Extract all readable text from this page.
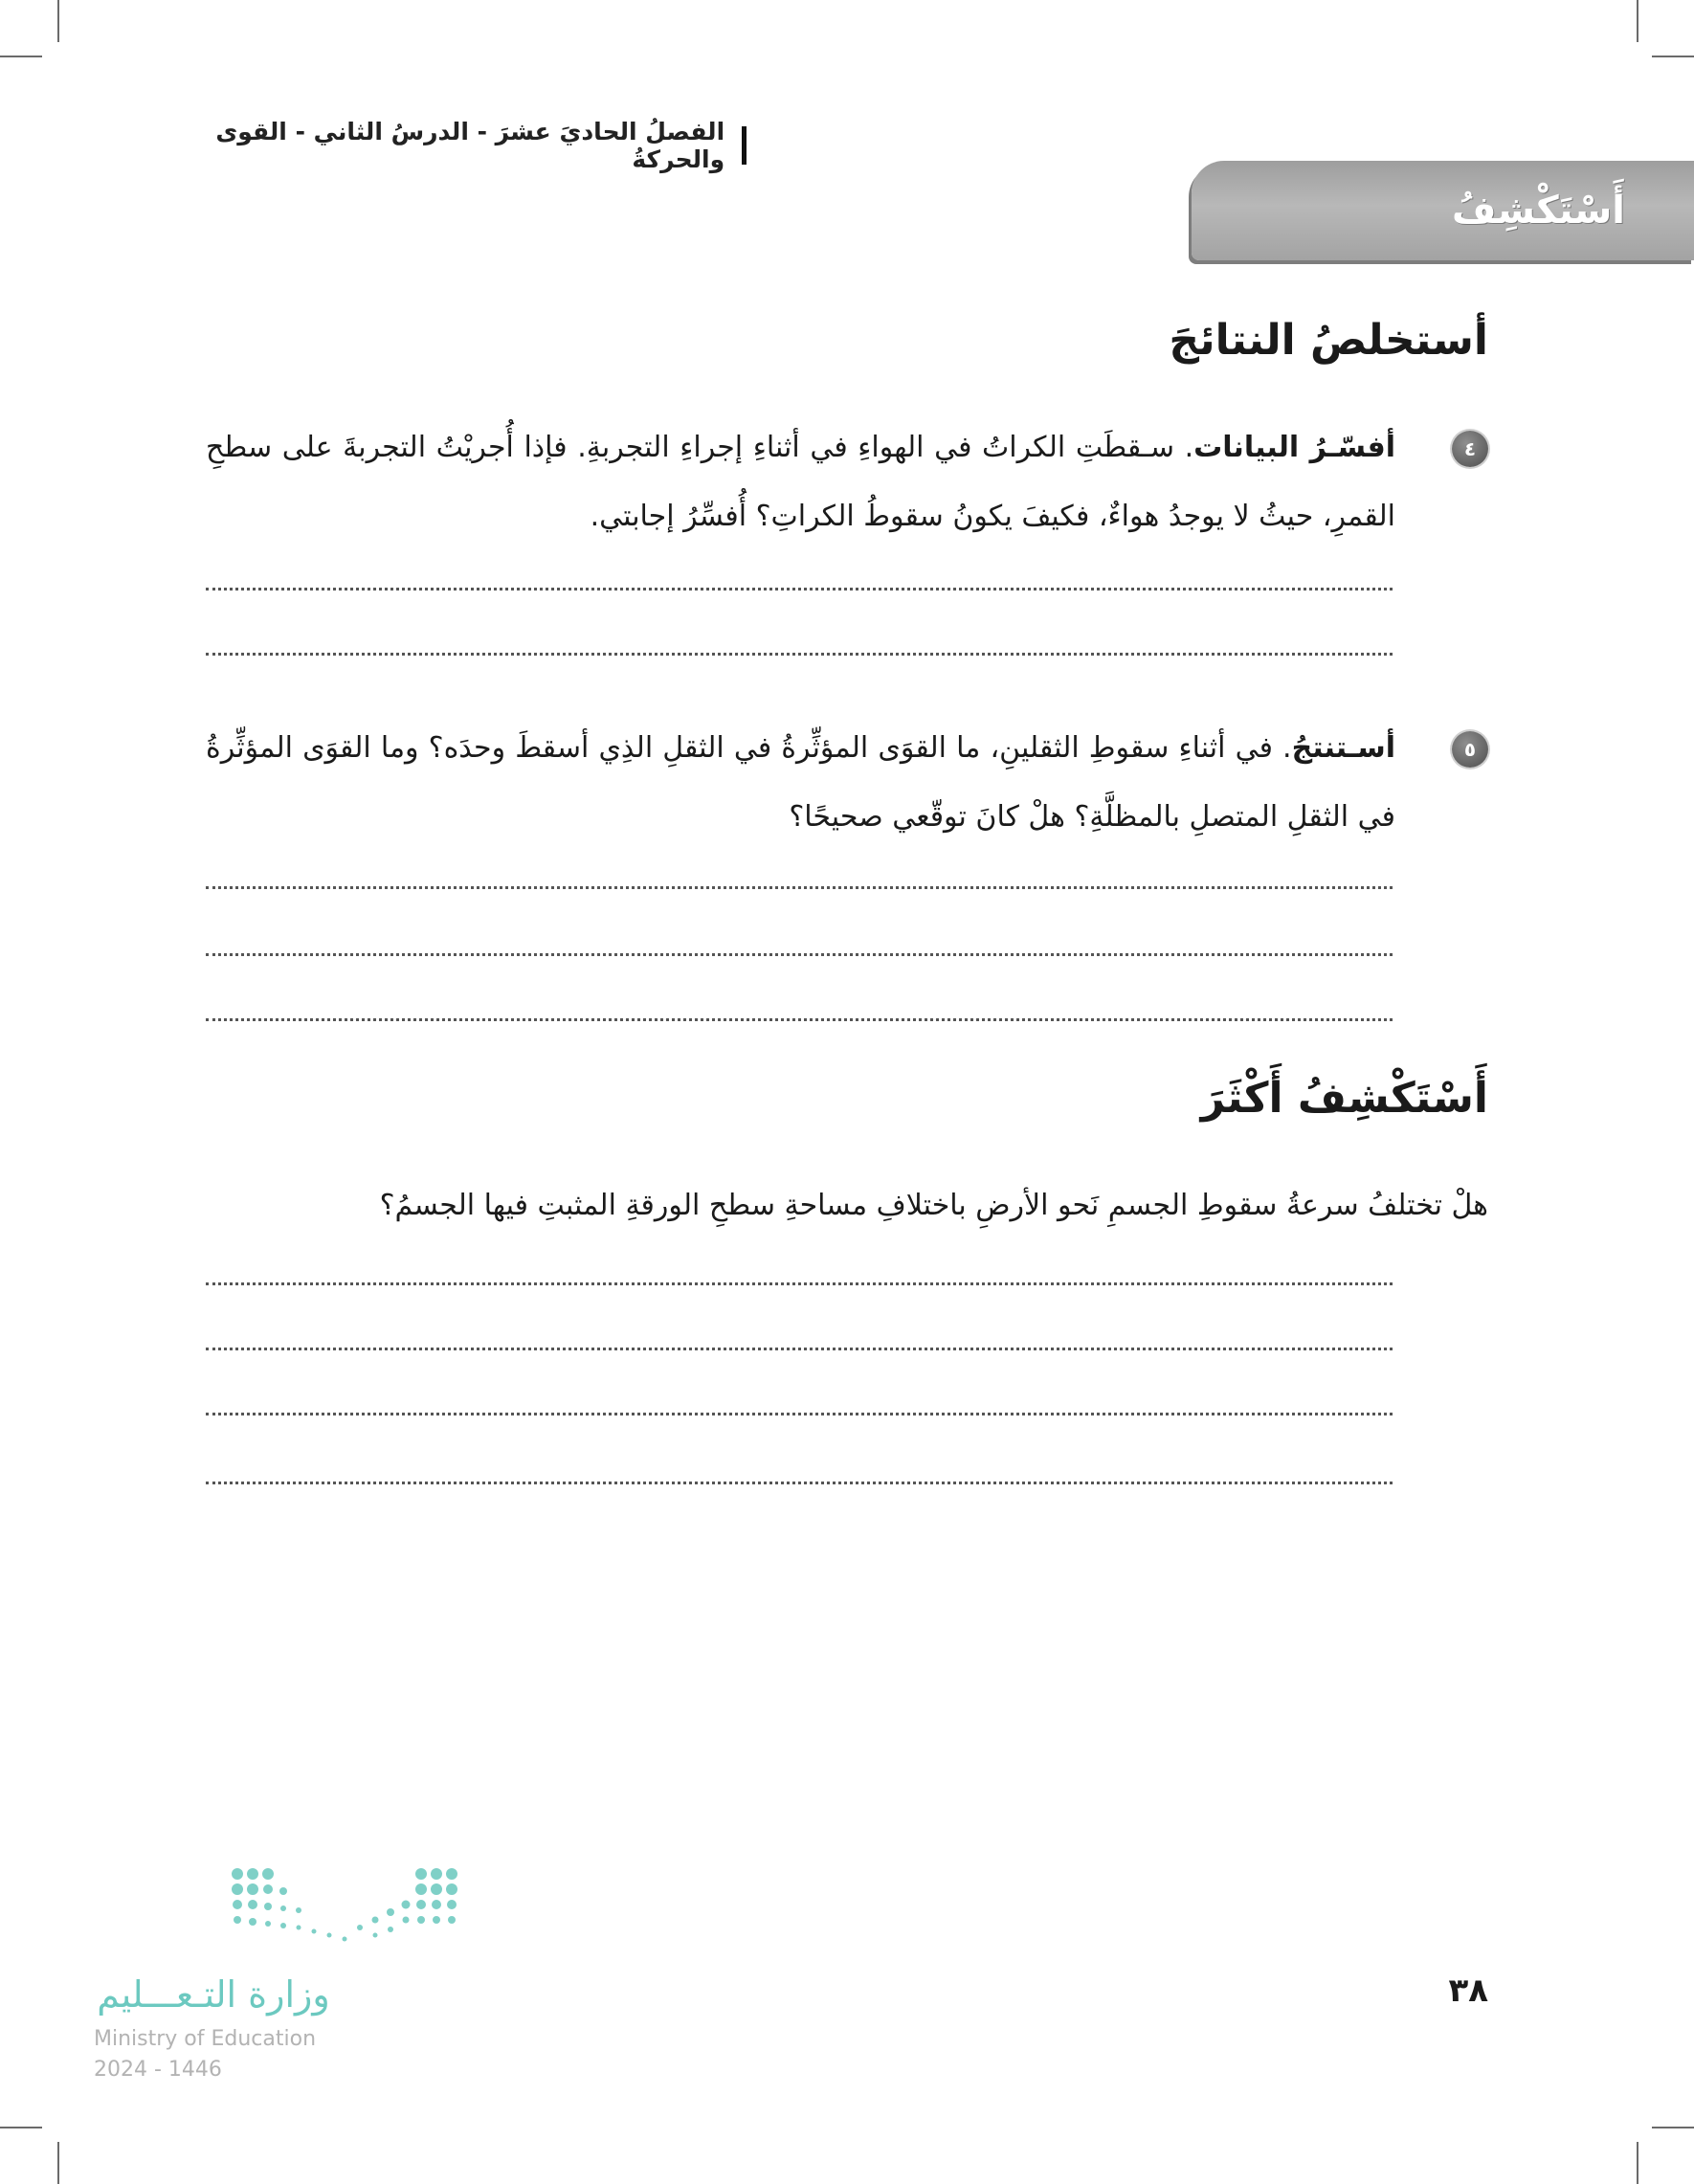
الفصلُ الحاديَ عشرَ - الدرسُ الثاني - القوى والحركةُ
أَسْتَكْشِفُ
أستخلصُ النتائجَ
٤
أفسّـرُ البيانات. سـقطَتِ الكراتُ في الهواءِ في أثناءِ إجراءِ التجربةِ. فإذا أُجريْتُ التجربةَ على سطحِ القمرِ، حيثُ لا يوجدُ هواءٌ، فكيفَ يكونُ سقوطُ الكراتِ؟ أُفسِّرُ إجابتي.
٥
أسـتنتجُ. في أثناءِ سقوطِ الثقلينِ، ما القوَى المؤثِّرةُ في الثقلِ الذِي أسقطَ وحدَه؟ وما القوَى المؤثِّرةُ في الثقلِ المتصلِ بالمظلَّةِ؟ هلْ كانَ توقّعي صحيحًا؟
أَسْتَكْشِفُ أَكْثَرَ
هلْ تختلفُ سرعةُ سقوطِ الجسمِ نَحو الأرضِ باختلافِ مساحةِ سطحِ الورقةِ المثبتِ فيها الجسمُ؟
وزارة التـعـــليم
Ministry of Education
2024 - 1446
٣٨
